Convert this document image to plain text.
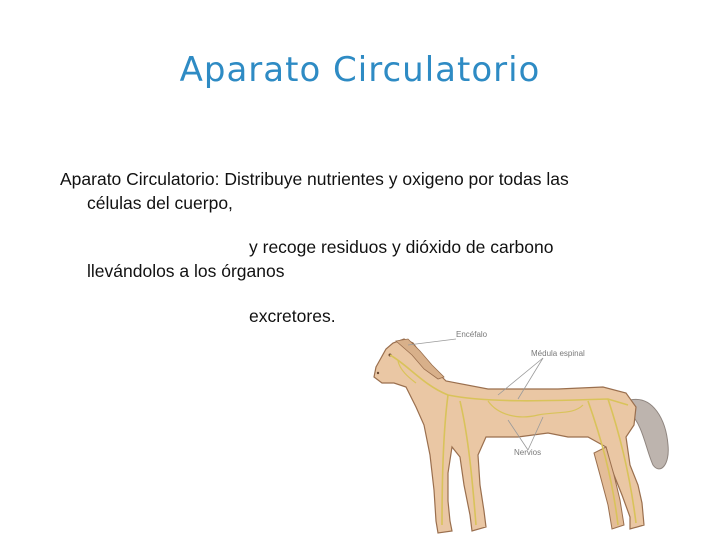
Aparato Circulatorio
Aparato Circulatorio: Distribuye nutrientes y oxigeno por todas las
células del cuerpo,
y recoge residuos y dióxido de carbono
llevándolos a los órganos
excretores.
Encéfalo
Médula espinal
Nervios
